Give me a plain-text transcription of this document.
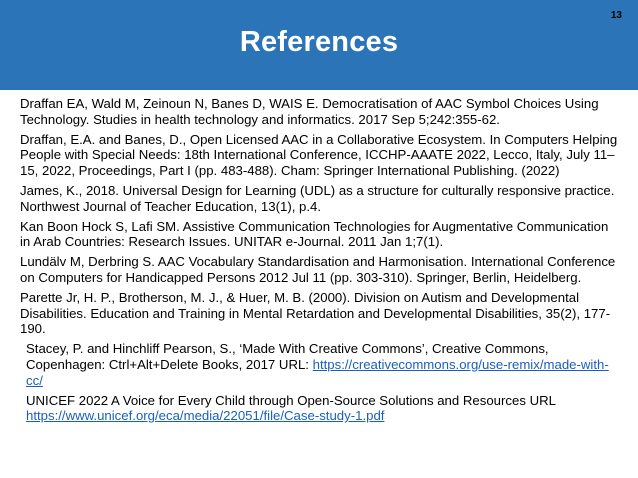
References
13

Draffan EA, Wald M, Zeinoun N, Banes D, WAIS E. Democratisation of AAC Symbol Choices Using Technology. Studies in health technology and informatics. 2017 Sep 5;242:355-62.

Draffan, E.A. and Banes, D., Open Licensed AAC in a Collaborative Ecosystem. In Computers Helping People with Special Needs: 18th International Conference, ICCHP-AAATE 2022, Lecco, Italy, July 11–15, 2022, Proceedings, Part I (pp. 483-488). Cham: Springer International Publishing. (2022)

James, K., 2018. Universal Design for Learning (UDL) as a structure for culturally responsive practice. Northwest Journal of Teacher Education, 13(1), p.4.

Kan Boon Hock S, Lafi SM. Assistive Communication Technologies for Augmentative Communication in Arab Countries: Research Issues. UNITAR e-Journal. 2011 Jan 1;7(1).

Lundälv M, Derbring S. AAC Vocabulary Standardisation and Harmonisation. International Conference on Computers for Handicapped Persons 2012 Jul 11 (pp. 303-310). Springer, Berlin, Heidelberg.

Parette Jr, H. P., Brotherson, M. J., & Huer, M. B. (2000). Division on Autism and Developmental Disabilities. Education and Training in Mental Retardation and Developmental Disabilities, 35(2), 177-190.

Stacey, P. and Hinchliff Pearson, S., ‘Made With Creative Commons’, Creative Commons, Copenhagen: Ctrl+Alt+Delete Books, 2017 URL: https://creativecommons.org/use-remix/made-with-cc/

UNICEF 2022 A Voice for Every Child through Open-Source Solutions and Resources URL https://www.unicef.org/eca/media/22051/file/Case-study-1.pdf
